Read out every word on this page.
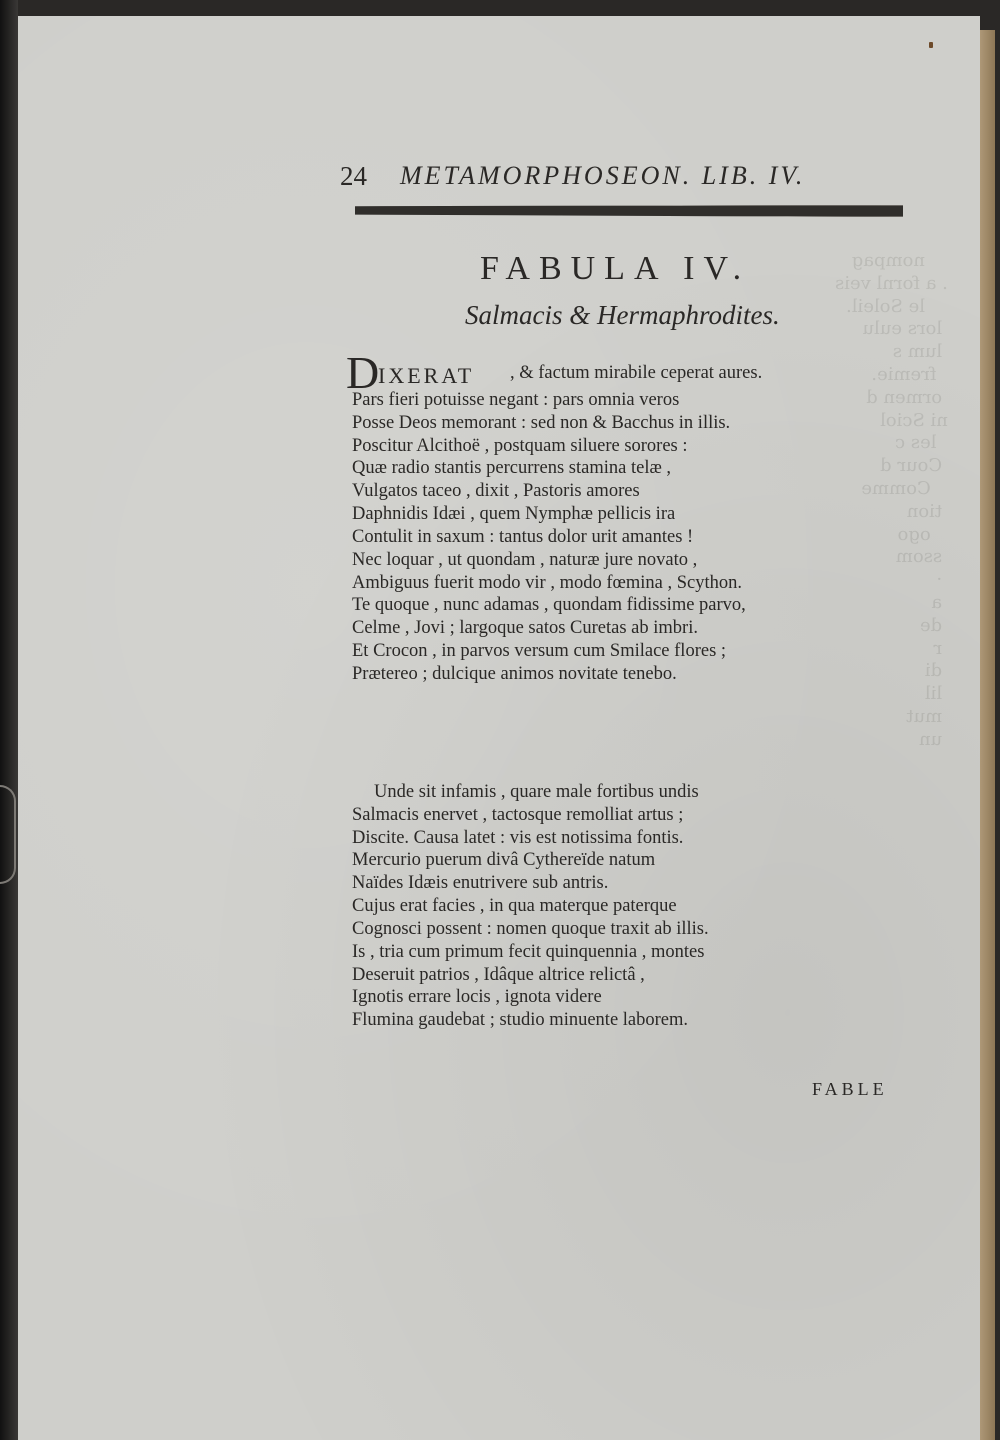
nompag
. a fornl veis
le Soleil.
lors eulu
lum s
fremie.
ormen d
ni Sciol
les c
Cour d
Comme
tion
ogo
ssom
·
a
de
r
di
lil
mut
un

24 METAMORPHOSEON. LIB. IV.
FABULA IV.
Salmacis & Hermaphrodites.
D
IXERAT , & factum mirabile ceperat aures.
Pars fieri potuisse negant : pars omnia veros
Posse Deos memorant : sed non & Bacchus in illis.
Poscitur Alcithoë , postquam siluere sorores :
Quæ radio stantis percurrens stamina telæ ,
Vulgatos taceo , dixit , Pastoris amores
Daphnidis Idæi , quem Nymphæ pellicis ira
Contulit in saxum : tantus dolor urit amantes !
Nec loquar , ut quondam , naturæ jure novato ,
Ambiguus fuerit modo vir , modo fœmina , Scython.
Te quoque , nunc adamas , quondam fidissime parvo,
Celme , Jovi ; largoque satos Curetas ab imbri.
Et Crocon , in parvos versum cum Smilace flores ;
Prætereo ; dulcique animos novitate tenebo.
Unde sit infamis , quare male fortibus undis
Salmacis enervet , tactosque remolliat artus ;
Discite. Causa latet : vis est notissima fontis.
Mercurio puerum divâ Cythereïde natum
Naïdes Idæis enutrivere sub antris.
Cujus erat facies , in qua materque paterque
Cognosci possent : nomen quoque traxit ab illis.
Is , tria cum primum fecit quinquennia , montes
Deseruit patrios , Idâque altrice relictâ ,
Ignotis errare locis , ignota videre
Flumina gaudebat ; studio minuente laborem.
FABLE
